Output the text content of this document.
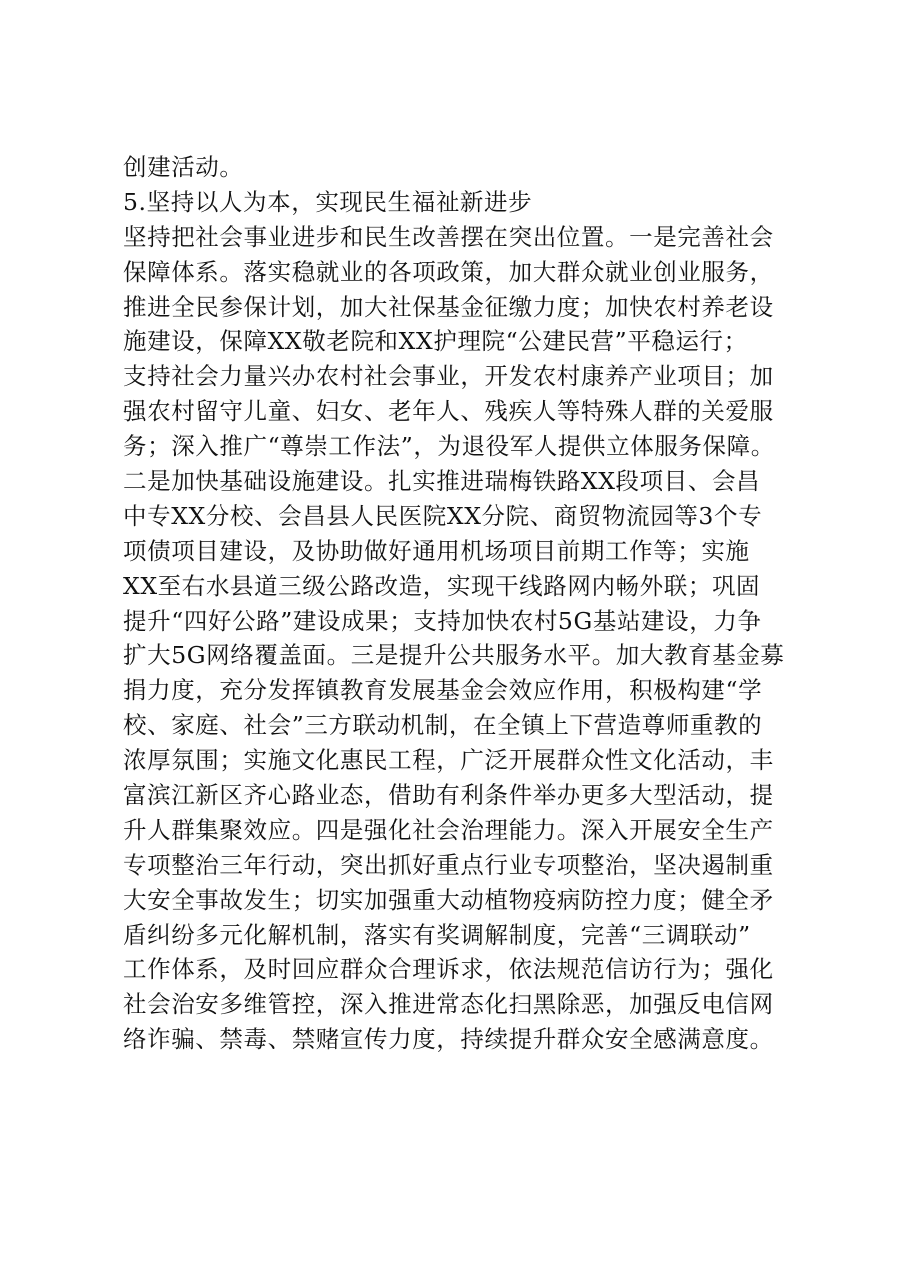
创建活动。
5.坚持以人为本，实现民生福祉新进步
坚持把社会事业进步和民生改善摆在突出位置。一是完善社会
保障体系。落实稳就业的各项政策，加大群众就业创业服务，
推进全民参保计划，加大社保基金征缴力度；加快农村养老设
施建设，保障XX敬老院和XX护理院“公建民营”平稳运行；
支持社会力量兴办农村社会事业，开发农村康养产业项目；加
强农村留守儿童、妇女、老年人、残疾人等特殊人群的关爱服
务；深入推广“尊崇工作法”，为退役军人提供立体服务保障。
二是加快基础设施建设。扎实推进瑞梅铁路XX段项目、会昌
中专XX分校、会昌县人民医院XX分院、商贸物流园等3个专
项债项目建设，及协助做好通用机场项目前期工作等；实施
XX至右水县道三级公路改造，实现干线路网内畅外联；巩固
提升“四好公路”建设成果；支持加快农村5G基站建设，力争
扩大5G网络覆盖面。三是提升公共服务水平。加大教育基金募
捐力度，充分发挥镇教育发展基金会效应作用，积极构建“学
校、家庭、社会”三方联动机制，在全镇上下营造尊师重教的
浓厚氛围；实施文化惠民工程，广泛开展群众性文化活动，丰
富滨江新区齐心路业态，借助有利条件举办更多大型活动，提
升人群集聚效应。四是强化社会治理能力。深入开展安全生产
专项整治三年行动，突出抓好重点行业专项整治，坚决遏制重
大安全事故发生；切实加强重大动植物疫病防控力度；健全矛
盾纠纷多元化解机制，落实有奖调解制度，完善“三调联动”
工作体系，及时回应群众合理诉求，依法规范信访行为；强化
社会治安多维管控，深入推进常态化扫黑除恶，加强反电信网
络诈骗、禁毒、禁赌宣传力度，持续提升群众安全感满意度。
